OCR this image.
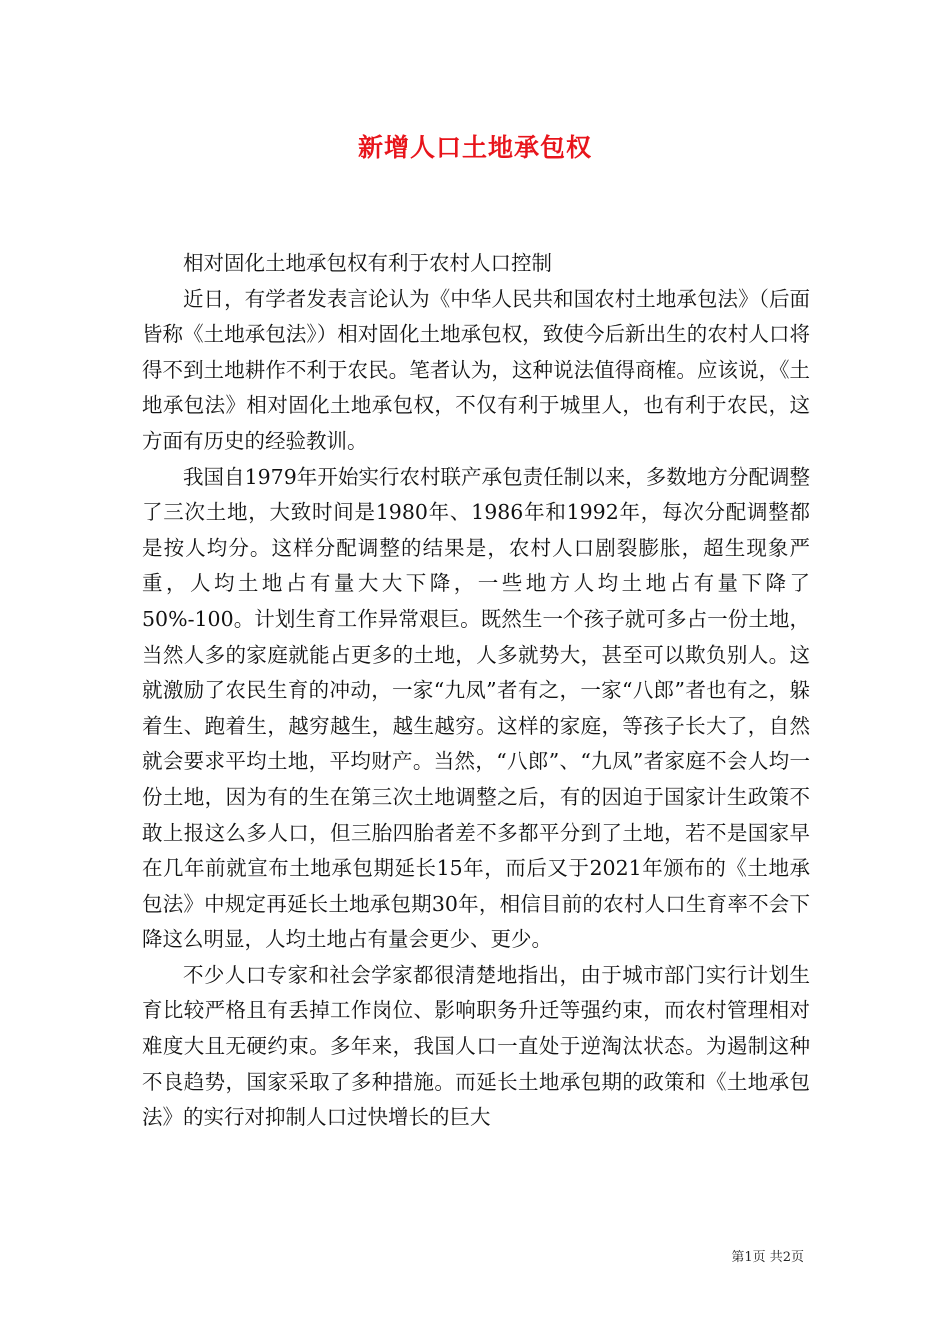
新增人口土地承包权

相对固化土地承包权有利于农村人口控制

近日，有学者发表言论认为《中华人民共和国农村土地承包法》（后面皆称《土地承包法》）相对固化土地承包权，致使今后新出生的农村人口将得不到土地耕作不利于农民。笔者认为，这种说法值得商榷。应该说，《土地承包法》相对固化土地承包权，不仅有利于城里人，也有利于农民，这方面有历史的经验教训。

我国自1979年开始实行农村联产承包责任制以来，多数地方分配调整了三次土地，大致时间是1980年、1986年和1992年，每次分配调整都是按人均分。这样分配调整的结果是，农村人口剧裂膨胀，超生现象严重，人均土地占有量大大下降，一些地方人均土地占有量下降了50%-100。计划生育工作异常艰巨。既然生一个孩子就可多占一份土地，当然人多的家庭就能占更多的土地，人多就势大，甚至可以欺负别人。这就激励了农民生育的冲动，一家“九凤”者有之，一家“八郎”者也有之，躲着生、跑着生，越穷越生，越生越穷。这样的家庭，等孩子长大了，自然就会要求平均土地，平均财产。当然，“八郎”、“九凤”者家庭不会人均一份土地，因为有的生在第三次土地调整之后，有的因迫于国家计生政策不敢上报这么多人口，但三胎四胎者差不多都平分到了土地，若不是国家早在几年前就宣布土地承包期延长15年，而后又于2021年颁布的《土地承包法》中规定再延长土地承包期30年，相信目前的农村人口生育率不会下降这么明显，人均土地占有量会更少、更少。

不少人口专家和社会学家都很清楚地指出，由于城市部门实行计划生育比较严格且有丢掉工作岗位、影响职务升迁等强约束，而农村管理相对难度大且无硬约束。多年来，我国人口一直处于逆淘汰状态。为遏制这种不良趋势，国家采取了多种措施。而延长土地承包期的政策和《土地承包法》的实行对抑制人口过快增长的巨大

第1页 共2页
